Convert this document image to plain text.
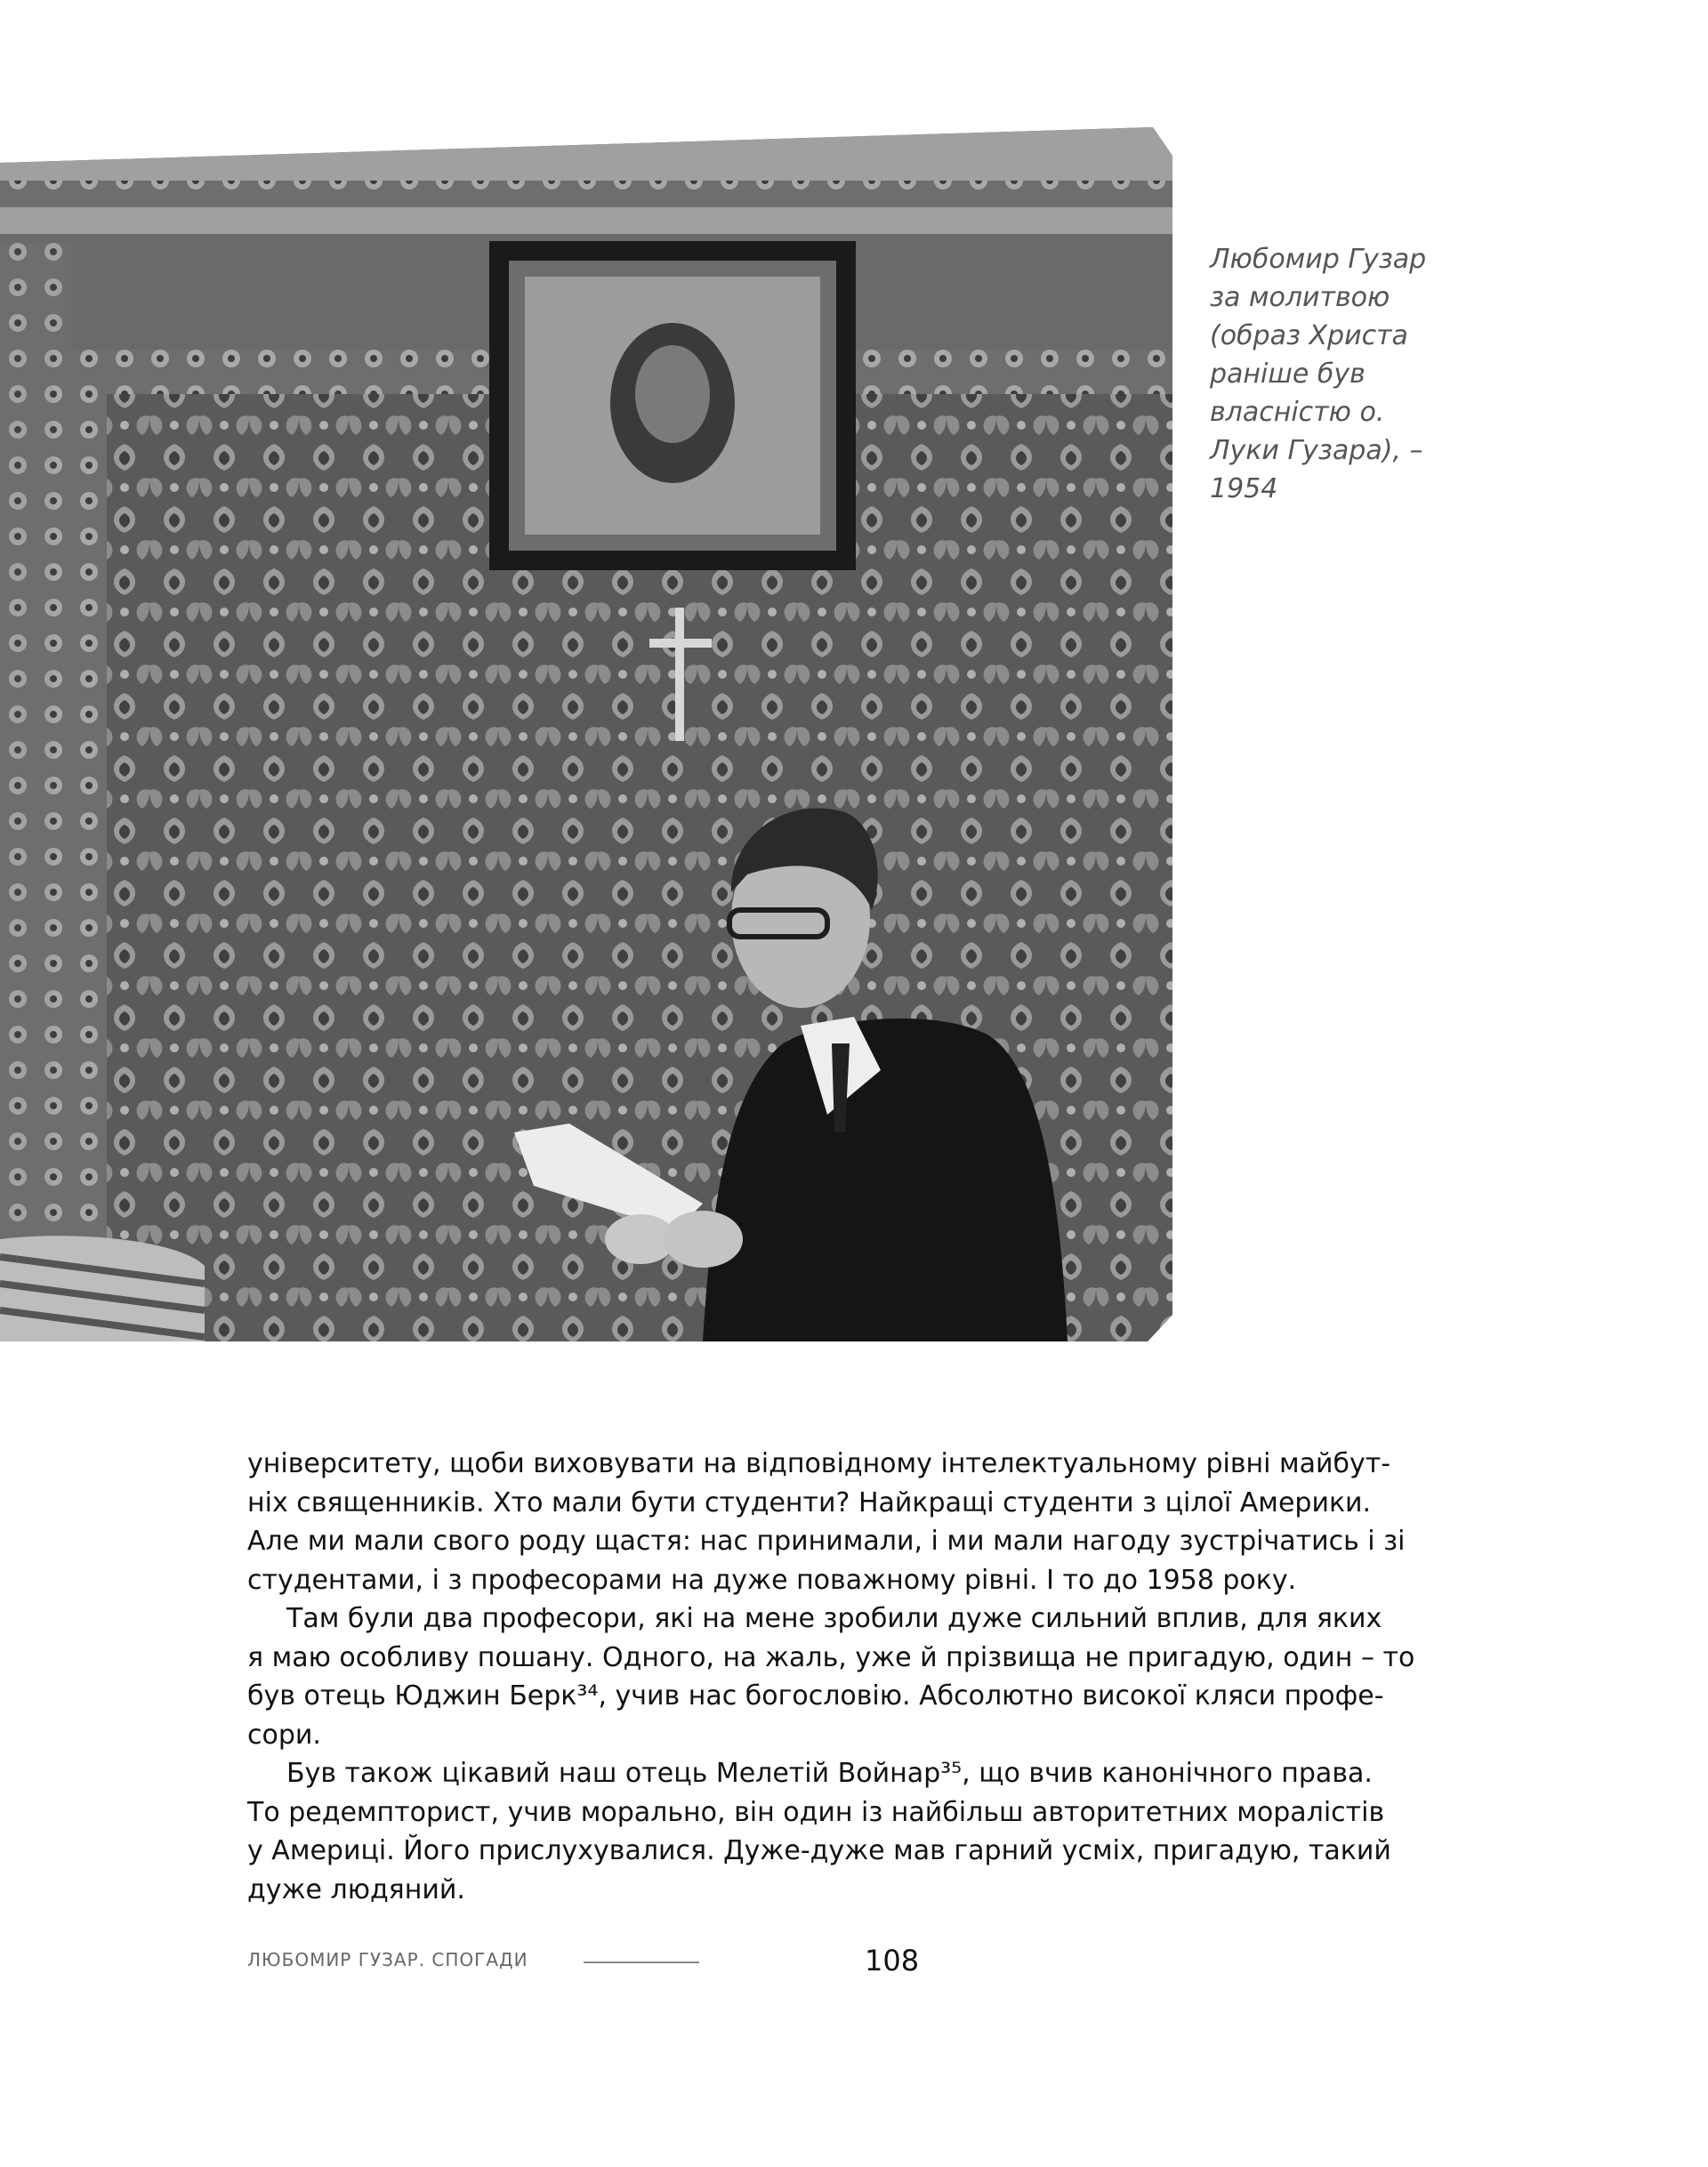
Любомир Гузар
за молитвою
(образ Христа
раніше був
власністю о.
Луки Гузара), –
1954
університету, щоби виховувати на відповідному інтелектуальному рівні майбут-
ніх священників. Хто мали бути студенти? Найкращі студенти з цілої Америки.
Але ми мали свого роду щастя: нас принимали, і ми мали нагоду зустрічатись і зі
студентами, і з професорами на дуже поважному рівні. І то до 1958 року.
Там були два професори, які на мене зробили дуже сильний вплив, для яких
я маю особливу пошану. Одного, на жаль, уже й прізвища не пригадую, один – то
був отець Юджин Берк³⁴, учив нас богословію. Абсолютно високої кляси профе-
сори.
Був також цікавий наш отець Мелетій Войнар³⁵, що вчив канонічного права.
То редемпторист, учив морально, він один із найбільш авторитетних моралістів
у Америці. Його прислухувалися. Дуже-дуже мав гарний усміх, пригадую, такий
дуже людяний.
ЛЮБОМИР ГУЗАР. СПОГАДИ	108
